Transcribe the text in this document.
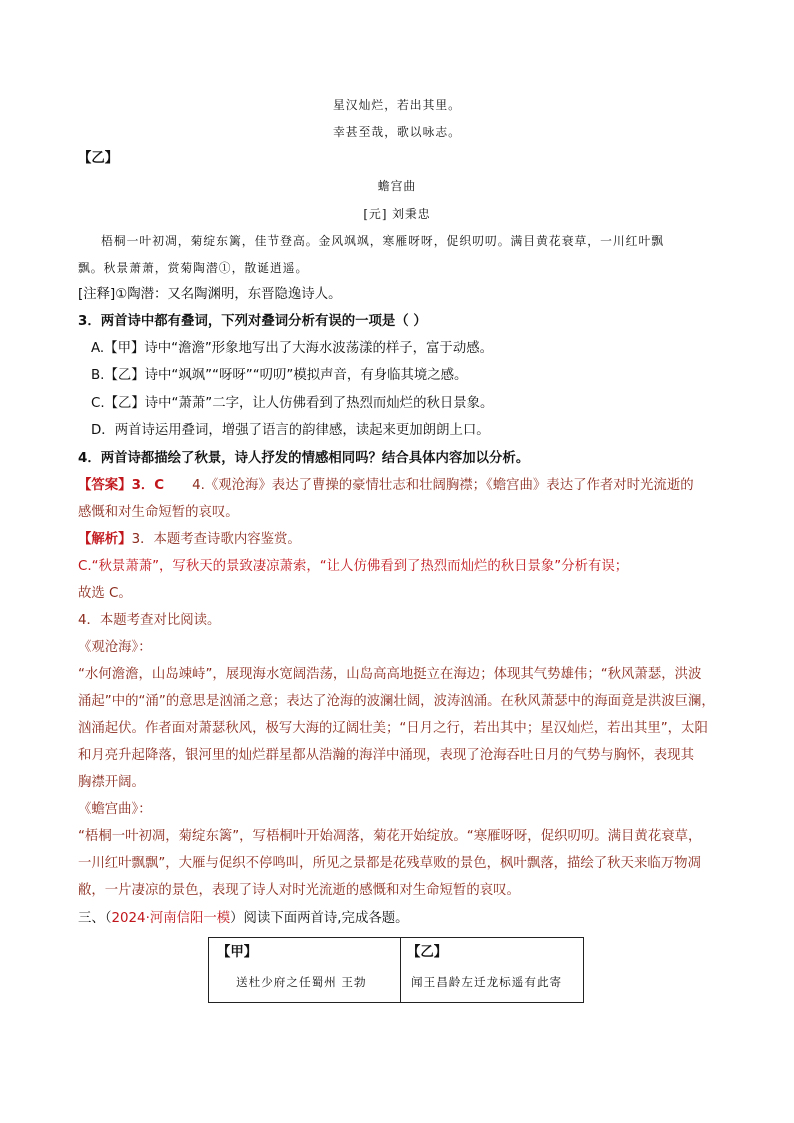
星汉灿烂，若出其里。
幸甚至哉，歌以咏志。
【乙】
蟾宫曲
[元] 刘秉忠
梧桐一叶初凋，菊绽东篱，佳节登高。金风飒飒，寒雁呀呀，促织叨叨。满目黄花衰草，一川红叶飘
飘。秋景萧萧，赏菊陶潜①，散诞逍遥。
[注释]①陶潜：又名陶渊明，东晋隐逸诗人。
3．两首诗中都有叠词，下列对叠词分析有误的一项是（ ）
A.【甲】诗中“澹澹”形象地写出了大海水波荡漾的样子，富于动感。
B.【乙】诗中“飒飒”“呀呀”“叨叨”模拟声音，有身临其境之感。
C.【乙】诗中“萧萧”二字，让人仿佛看到了热烈而灿烂的秋日景象。
D．两首诗运用叠词，增强了语言的韵律感，读起来更加朗朗上口。
4．两首诗都描绘了秋景，诗人抒发的情感相同吗？结合具体内容加以分析。
【答案】3．C      4.《观沧海》表达了曹操的豪情壮志和壮阔胸襟；《蟾宫曲》表达了作者对时光流逝的
感慨和对生命短暂的哀叹。
【解析】3．本题考查诗歌内容鉴赏。
C.“秋景萧萧”，写秋天的景致凄凉萧索，“让人仿佛看到了热烈而灿烂的秋日景象”分析有误；
故选 C。
4．本题考查对比阅读。
《观沧海》：
“水何澹澹，山岛竦峙”，展现海水宽阔浩荡，山岛高高地挺立在海边；体现其气势雄伟；“秋风萧瑟，洪波
涌起”中的“涌”的意思是汹涌之意；表达了沧海的波澜壮阔，波涛汹涌。在秋风萧瑟中的海面竟是洪波巨澜，
汹涌起伏。作者面对萧瑟秋风，极写大海的辽阔壮美；“日月之行，若出其中；星汉灿烂，若出其里”，太阳
和月亮升起降落，银河里的灿烂群星都从浩瀚的海洋中涌现，表现了沧海吞吐日月的气势与胸怀，表现其
胸襟开阔。
《蟾宫曲》：
“梧桐一叶初凋，菊绽东篱”，写梧桐叶开始凋落，菊花开始绽放。“寒雁呀呀，促织叨叨。满目黄花衰草，
一川红叶飘飘”，大雁与促织不停鸣叫，所见之景都是花残草败的景色，枫叶飘落，描绘了秋天来临万物凋
敝，一片凄凉的景色，表现了诗人对时光流逝的感慨和对生命短暂的哀叹。
三、（2024·河南信阳一模）阅读下面两首诗,完成各题。
【甲】
送杜少府之任蜀州 王勃
【乙】
闻王昌龄左迁龙标遥有此寄
